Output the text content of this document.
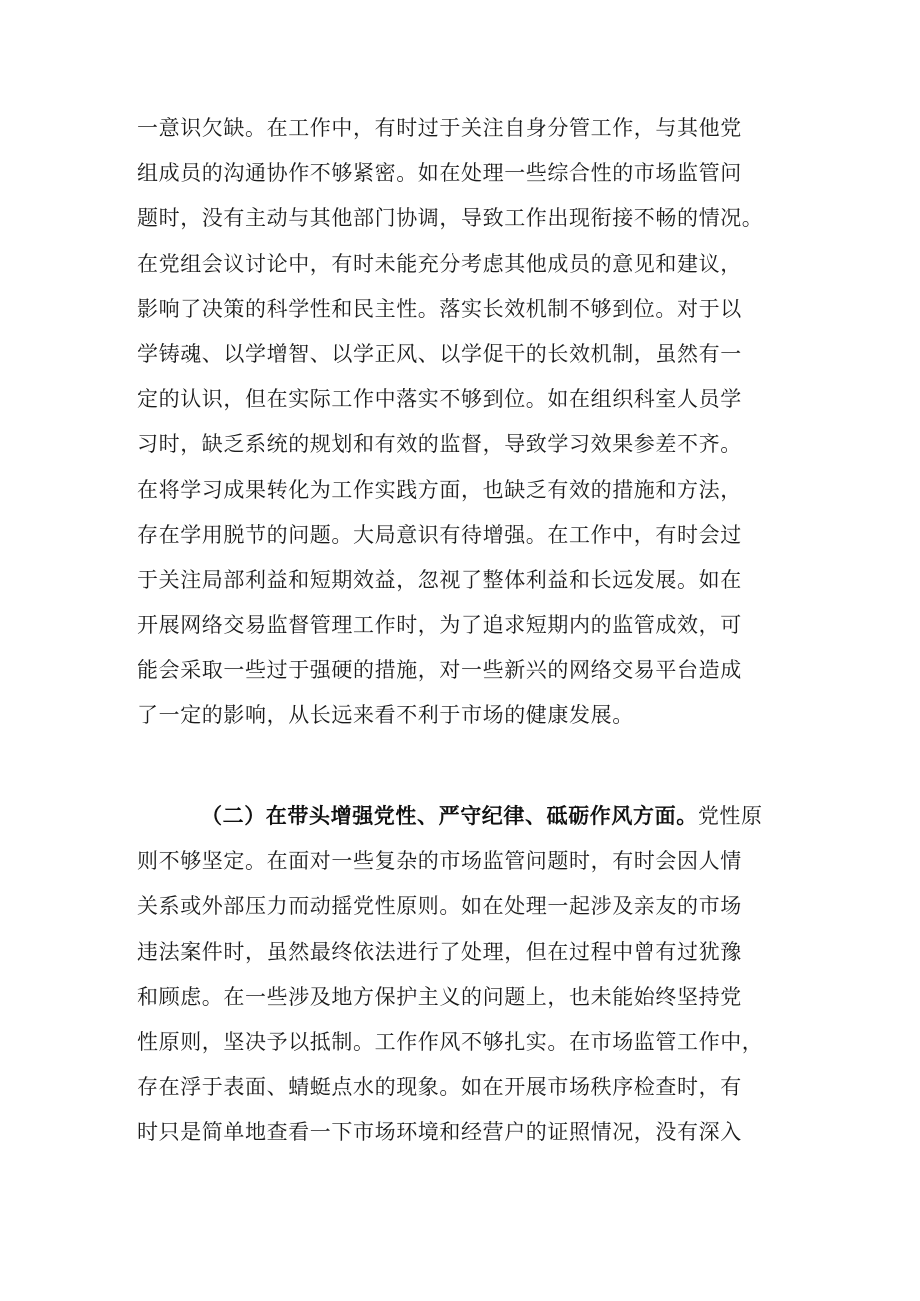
一意识欠缺。在工作中，有时过于关注自身分管工作，与其他党
组成员的沟通协作不够紧密。如在处理一些综合性的市场监管问
题时，没有主动与其他部门协调，导致工作出现衔接不畅的情况。
在党组会议讨论中，有时未能充分考虑其他成员的意见和建议，
影响了决策的科学性和民主性。落实长效机制不够到位。对于以
学铸魂、以学增智、以学正风、以学促干的长效机制，虽然有一
定的认识，但在实际工作中落实不够到位。如在组织科室人员学
习时，缺乏系统的规划和有效的监督，导致学习效果参差不齐。
在将学习成果转化为工作实践方面，也缺乏有效的措施和方法，
存在学用脱节的问题。大局意识有待增强。在工作中，有时会过
于关注局部利益和短期效益，忽视了整体利益和长远发展。如在
开展网络交易监督管理工作时，为了追求短期内的监管成效，可
能会采取一些过于强硬的措施，对一些新兴的网络交易平台造成
了一定的影响，从长远来看不利于市场的健康发展。
（二）在带头增强党性、严守纪律、砥砺作风方面。党性原
则不够坚定。在面对一些复杂的市场监管问题时，有时会因人情
关系或外部压力而动摇党性原则。如在处理一起涉及亲友的市场
违法案件时，虽然最终依法进行了处理，但在过程中曾有过犹豫
和顾虑。在一些涉及地方保护主义的问题上，也未能始终坚持党
性原则，坚决予以抵制。工作作风不够扎实。在市场监管工作中，
存在浮于表面、蜻蜓点水的现象。如在开展市场秩序检查时，有
时只是简单地查看一下市场环境和经营户的证照情况，没有深入
